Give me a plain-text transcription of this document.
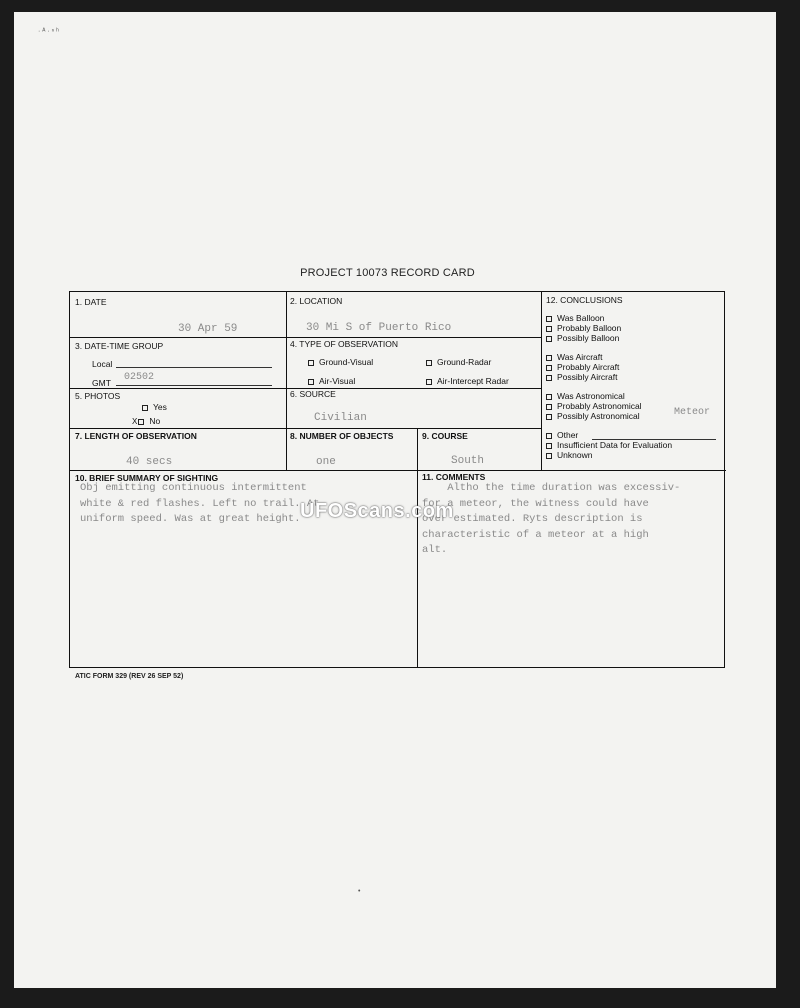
· ᴬ · ⁿ ʰ
PROJECT 10073 RECORD CARD
1. DATE
30 Apr 59
2. LOCATION
30 Mi S of Puerto Rico
3. DATE-TIME GROUP
Local
GMT 02502
4. TYPE OF OBSERVATION
Ground-Visual	Ground-Radar
Air-Visual	Air-Intercept Radar
5. PHOTOS
Yes
X No
6. SOURCE
Civilian
7. LENGTH OF OBSERVATION
40 secs
8. NUMBER OF OBJECTS
one
9. COURSE
South
10. BRIEF SUMMARY OF SIGHTING
Obj emitting continuous intermittent
white & red flashes. Left no trail. At
uniform speed. Was at great height.
11. COMMENTS
Altho the time duration was excessiv-
for a meteor, the witness could have
over estimated. Ryts description is
characteristic of a meteor at a high
alt.
12. CONCLUSIONS
Was Balloon
Probably Balloon
Possibly Balloon
Was Aircraft
Probably Aircraft
Possibly Aircraft
Was Astronomical
Probably Astronomical
Possibly Astronomical	Meteor
Other
Insufficient Data for Evaluation
Unknown
UFOScans.com
ATIC FORM 329 (REV 26 SEP 52)
•
